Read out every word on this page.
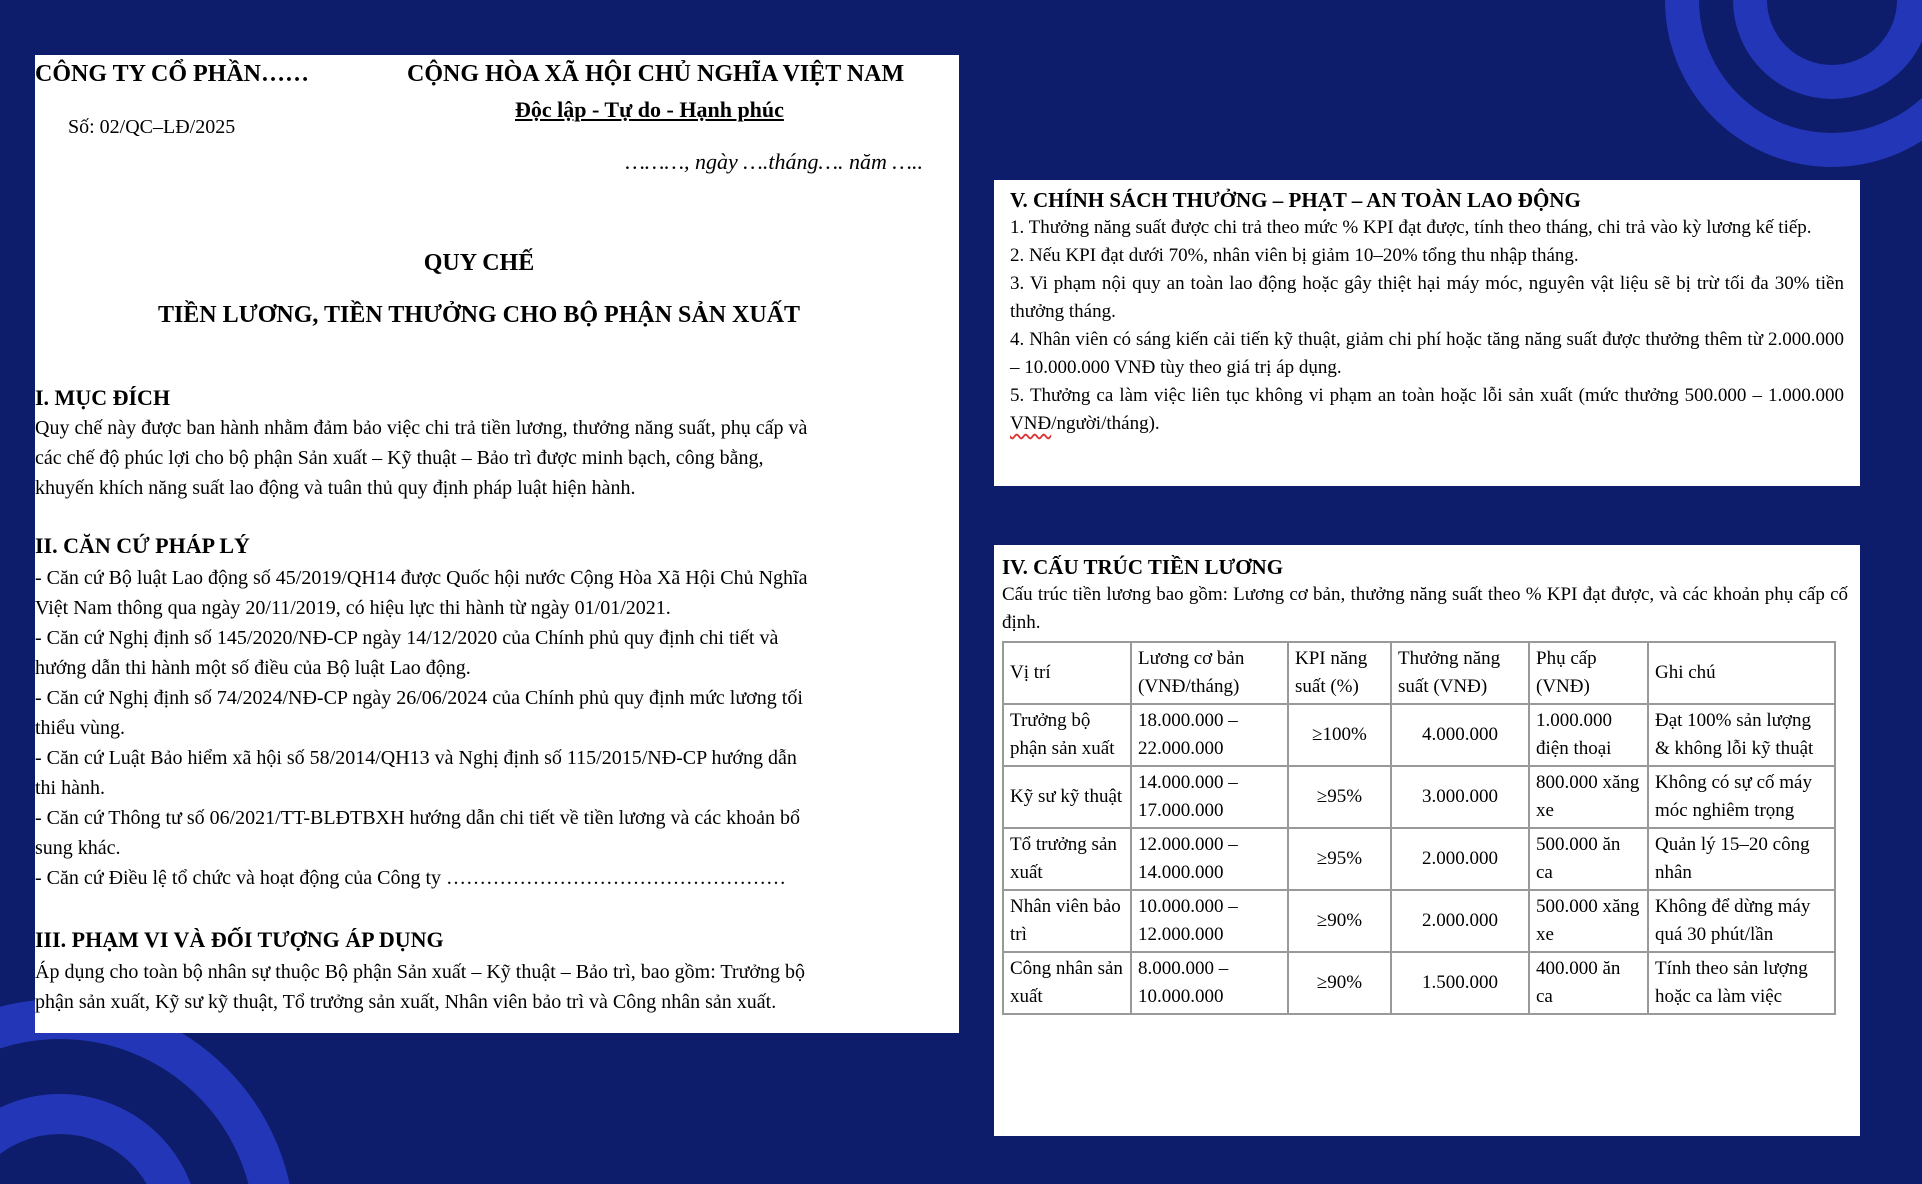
CÔNG TY CỔ PHẦN……	CỘNG HÒA XÃ HỘI CHỦ NGHĨA VIỆT NAM
Số: 02/QC–LĐ/2025
Độc lập - Tự do - Hạnh phúc
………, ngày ….tháng…. năm …..
QUY CHẾ
TIỀN LƯƠNG, TIỀN THƯỞNG CHO BỘ PHẬN SẢN XUẤT
I. MỤC ĐÍCH
Quy chế này được ban hành nhằm đảm bảo việc chi trả tiền lương, thưởng năng suất, phụ cấp và
các chế độ phúc lợi cho bộ phận Sản xuất – Kỹ thuật – Bảo trì được minh bạch, công bằng,
khuyến khích năng suất lao động và tuân thủ quy định pháp luật hiện hành.
II. CĂN CỨ PHÁP LÝ
- Căn cứ Bộ luật Lao động số 45/2019/QH14 được Quốc hội nước Cộng Hòa Xã Hội Chủ Nghĩa
Việt Nam thông qua ngày 20/11/2019, có hiệu lực thi hành từ ngày 01/01/2021.
- Căn cứ Nghị định số 145/2020/NĐ-CP ngày 14/12/2020 của Chính phủ quy định chi tiết và
hướng dẫn thi hành một số điều của Bộ luật Lao động.
- Căn cứ Nghị định số 74/2024/NĐ-CP ngày 26/06/2024 của Chính phủ quy định mức lương tối
thiểu vùng.
- Căn cứ Luật Bảo hiểm xã hội số 58/2014/QH13 và Nghị định số 115/2015/NĐ-CP hướng dẫn
thi hành.
- Căn cứ Thông tư số 06/2021/TT-BLĐTBXH hướng dẫn chi tiết về tiền lương và các khoản bổ
sung khác.
- Căn cứ Điều lệ tổ chức và hoạt động của Công ty ……………………………………………
III. PHẠM VI VÀ ĐỐI TƯỢNG ÁP DỤNG
Áp dụng cho toàn bộ nhân sự thuộc Bộ phận Sản xuất – Kỹ thuật – Bảo trì, bao gồm: Trưởng bộ
phận sản xuất, Kỹ sư kỹ thuật, Tổ trưởng sản xuất, Nhân viên bảo trì và Công nhân sản xuất.
V. CHÍNH SÁCH THƯỞNG – PHẠT – AN TOÀN LAO ĐỘNG
1. Thưởng năng suất được chi trả theo mức % KPI đạt được, tính theo tháng, chi trả vào kỳ lương kế tiếp.
2. Nếu KPI đạt dưới 70%, nhân viên bị giảm 10–20% tổng thu nhập tháng.
3. Vi phạm nội quy an toàn lao động hoặc gây thiệt hại máy móc, nguyên vật liệu sẽ bị trừ tối đa 30% tiền thưởng tháng.
4. Nhân viên có sáng kiến cải tiến kỹ thuật, giảm chi phí hoặc tăng năng suất được thưởng thêm từ 2.000.000 – 10.000.000 VNĐ tùy theo giá trị áp dụng.
5. Thưởng ca làm việc liên tục không vi phạm an toàn hoặc lỗi sản xuất (mức thưởng 500.000 – 1.000.000 VNĐ/người/tháng).
IV. CẤU TRÚC TIỀN LƯƠNG
Cấu trúc tiền lương bao gồm: Lương cơ bản, thưởng năng suất theo % KPI đạt được, và các khoản phụ cấp cố định.
Vị trí	Lương cơ bản (VNĐ/tháng)	KPI năng suất (%)	Thưởng năng suất (VNĐ)	Phụ cấp (VNĐ)	Ghi chú
Trưởng bộ phận sản xuất	18.000.000 – 22.000.000	≥100%	4.000.000	1.000.000 điện thoại	Đạt 100% sản lượng & không lỗi kỹ thuật
Kỹ sư kỹ thuật	14.000.000 – 17.000.000	≥95%	3.000.000	800.000 xăng xe	Không có sự cố máy móc nghiêm trọng
Tổ trưởng sản xuất	12.000.000 – 14.000.000	≥95%	2.000.000	500.000 ăn ca	Quản lý 15–20 công nhân
Nhân viên bảo trì	10.000.000 – 12.000.000	≥90%	2.000.000	500.000 xăng xe	Không để dừng máy quá 30 phút/lần
Công nhân sản xuất	8.000.000 – 10.000.000	≥90%	1.500.000	400.000 ăn ca	Tính theo sản lượng hoặc ca làm việc
